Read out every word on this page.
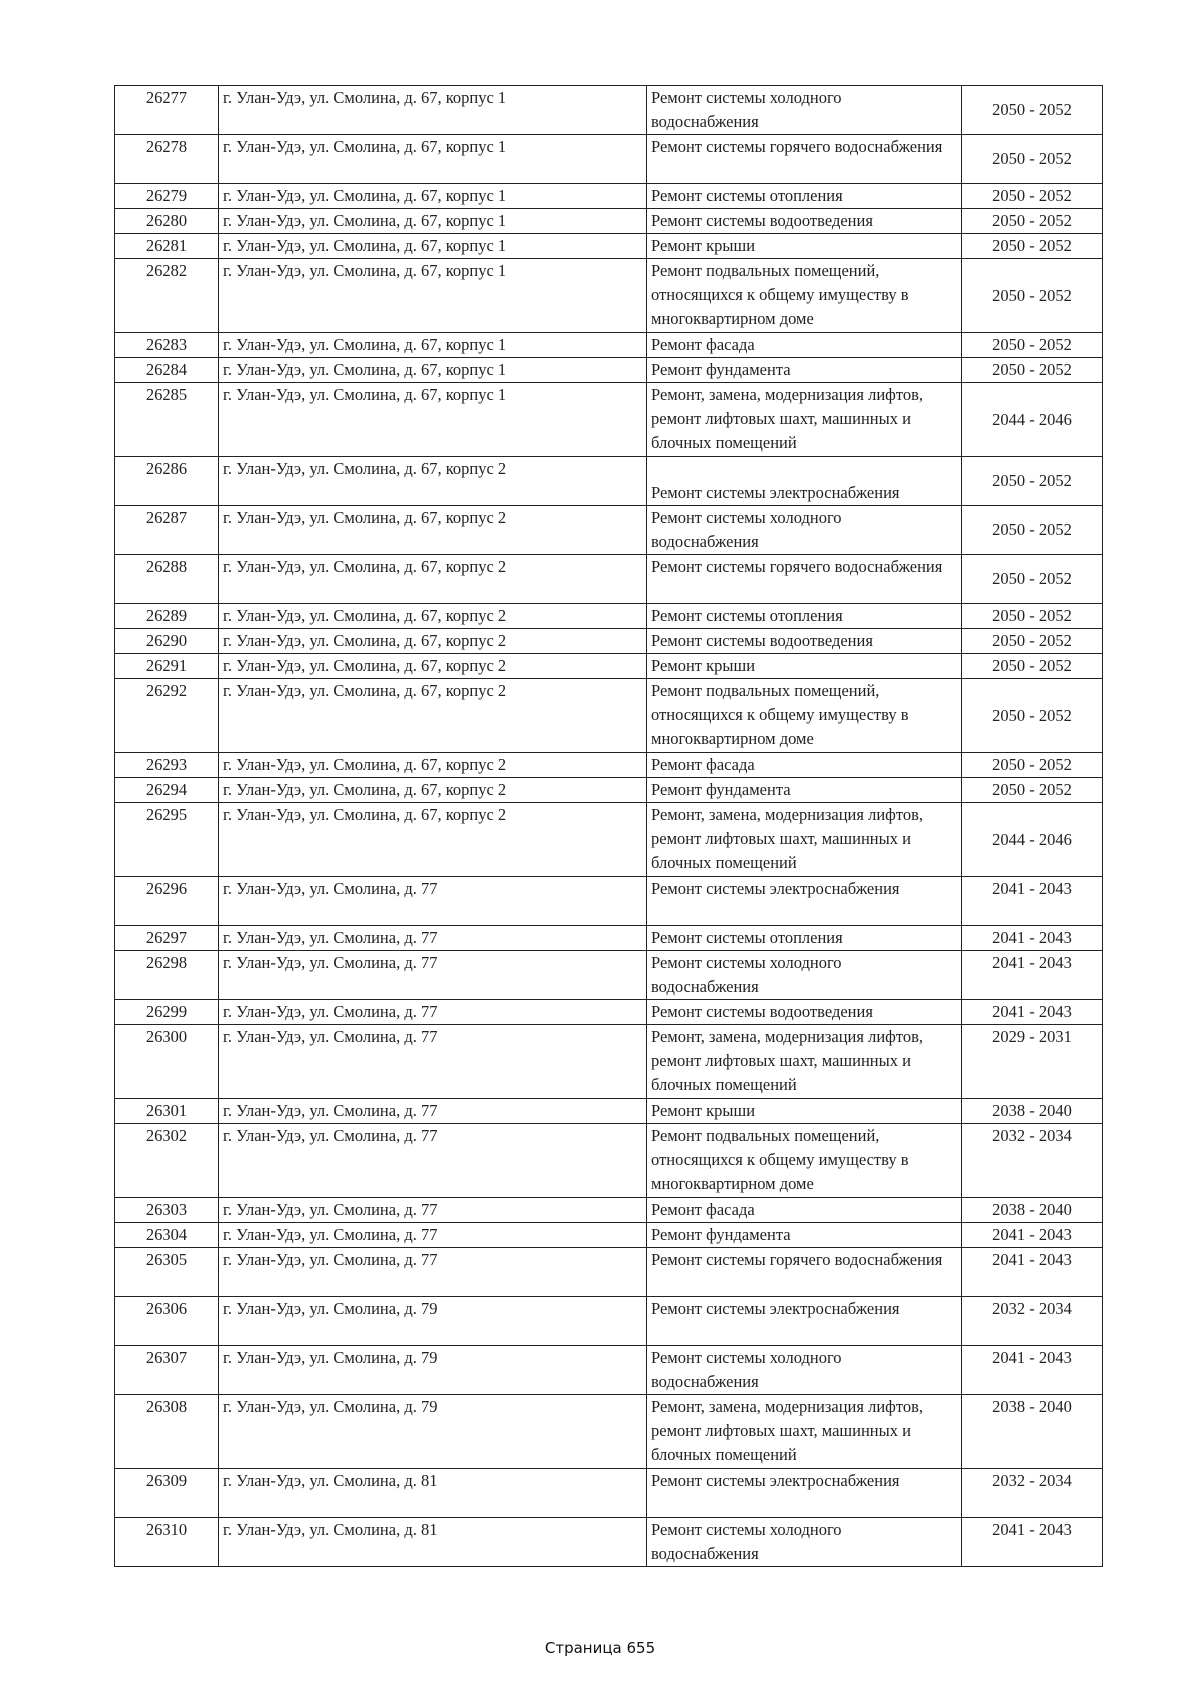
26277	г. Улан-Удэ, ул. Смолина, д. 67, корпус 1	Ремонт системы холодного водоснабжения	2050 - 2052
26278	г. Улан-Удэ, ул. Смолина, д. 67, корпус 1	Ремонт системы горячего водоснабжения	2050 - 2052
26279	г. Улан-Удэ, ул. Смолина, д. 67, корпус 1	Ремонт системы отопления	2050 - 2052
26280	г. Улан-Удэ, ул. Смолина, д. 67, корпус 1	Ремонт системы водоотведения	2050 - 2052
26281	г. Улан-Удэ, ул. Смолина, д. 67, корпус 1	Ремонт крыши	2050 - 2052
26282	г. Улан-Удэ, ул. Смолина, д. 67, корпус 1	Ремонт подвальных помещений, относящихся к общему имуществу в многоквартирном доме	2050 - 2052
26283	г. Улан-Удэ, ул. Смолина, д. 67, корпус 1	Ремонт фасада	2050 - 2052
26284	г. Улан-Удэ, ул. Смолина, д. 67, корпус 1	Ремонт фундамента	2050 - 2052
26285	г. Улан-Удэ, ул. Смолина, д. 67, корпус 1	Ремонт, замена, модернизация лифтов, ремонт лифтовых шахт, машинных и блочных помещений	2044 - 2046
26286	г. Улан-Удэ, ул. Смолина, д. 67, корпус 2	Ремонт системы электроснабжения	2050 - 2052
26287	г. Улан-Удэ, ул. Смолина, д. 67, корпус 2	Ремонт системы холодного водоснабжения	2050 - 2052
26288	г. Улан-Удэ, ул. Смолина, д. 67, корпус 2	Ремонт системы горячего водоснабжения	2050 - 2052
26289	г. Улан-Удэ, ул. Смолина, д. 67, корпус 2	Ремонт системы отопления	2050 - 2052
26290	г. Улан-Удэ, ул. Смолина, д. 67, корпус 2	Ремонт системы водоотведения	2050 - 2052
26291	г. Улан-Удэ, ул. Смолина, д. 67, корпус 2	Ремонт крыши	2050 - 2052
26292	г. Улан-Удэ, ул. Смолина, д. 67, корпус 2	Ремонт подвальных помещений, относящихся к общему имуществу в многоквартирном доме	2050 - 2052
26293	г. Улан-Удэ, ул. Смолина, д. 67, корпус 2	Ремонт фасада	2050 - 2052
26294	г. Улан-Удэ, ул. Смолина, д. 67, корпус 2	Ремонт фундамента	2050 - 2052
26295	г. Улан-Удэ, ул. Смолина, д. 67, корпус 2	Ремонт, замена, модернизация лифтов, ремонт лифтовых шахт, машинных и блочных помещений	2044 - 2046
26296	г. Улан-Удэ, ул. Смолина, д. 77	Ремонт системы электроснабжения	2041 - 2043
26297	г. Улан-Удэ, ул. Смолина, д. 77	Ремонт системы отопления	2041 - 2043
26298	г. Улан-Удэ, ул. Смолина, д. 77	Ремонт системы холодного водоснабжения	2041 - 2043
26299	г. Улан-Удэ, ул. Смолина, д. 77	Ремонт системы водоотведения	2041 - 2043
26300	г. Улан-Удэ, ул. Смолина, д. 77	Ремонт, замена, модернизация лифтов, ремонт лифтовых шахт, машинных и блочных помещений	2029 - 2031
26301	г. Улан-Удэ, ул. Смолина, д. 77	Ремонт крыши	2038 - 2040
26302	г. Улан-Удэ, ул. Смолина, д. 77	Ремонт подвальных помещений, относящихся к общему имуществу в многоквартирном доме	2032 - 2034
26303	г. Улан-Удэ, ул. Смолина, д. 77	Ремонт фасада	2038 - 2040
26304	г. Улан-Удэ, ул. Смолина, д. 77	Ремонт фундамента	2041 - 2043
26305	г. Улан-Удэ, ул. Смолина, д. 77	Ремонт системы горячего водоснабжения	2041 - 2043
26306	г. Улан-Удэ, ул. Смолина, д. 79	Ремонт системы электроснабжения	2032 - 2034
26307	г. Улан-Удэ, ул. Смолина, д. 79	Ремонт системы холодного водоснабжения	2041 - 2043
26308	г. Улан-Удэ, ул. Смолина, д. 79	Ремонт, замена, модернизация лифтов, ремонт лифтовых шахт, машинных и блочных помещений	2038 - 2040
26309	г. Улан-Удэ, ул. Смолина, д. 81	Ремонт системы электроснабжения	2032 - 2034
26310	г. Улан-Удэ, ул. Смолина, д. 81	Ремонт системы холодного водоснабжения	2041 - 2043
Страница 655
